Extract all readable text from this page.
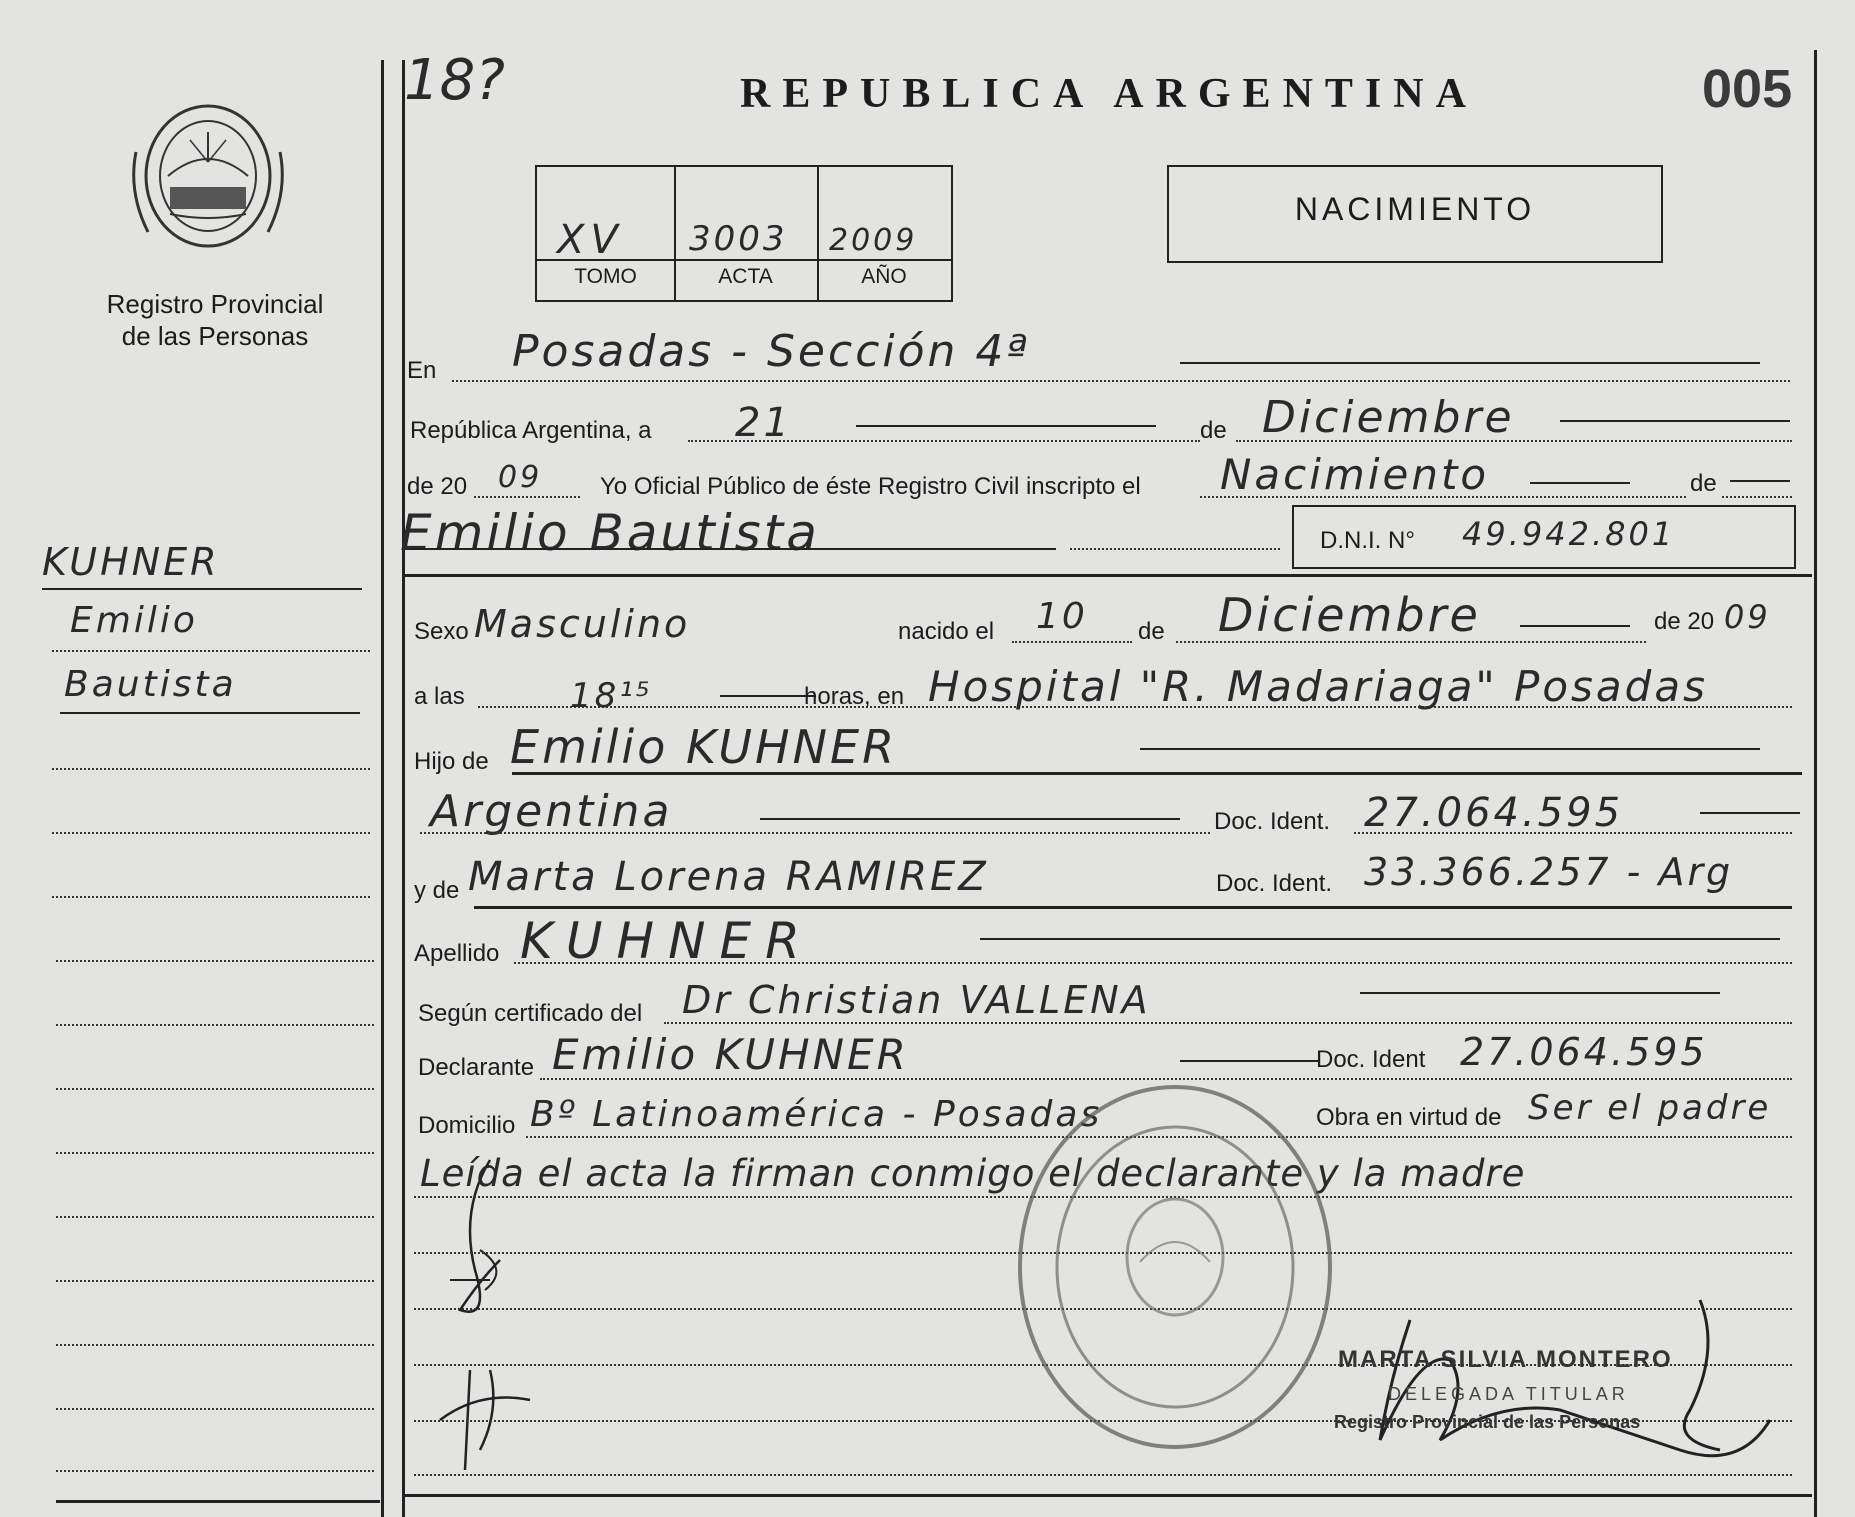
Registro Provincial
de las Personas
KUHNER
Emilio
Bautista
18?	REPUBLICA ARGENTINA	005
XV 3003 2009
TOMO	ACTA	AÑO
NACIMIENTO
En Posadas - Sección 4ª
República Argentina, a 21	de Diciembre
de 20 09 Yo Oficial Público de éste Registro Civil inscripto el Nacimiento	de
Emilio Bautista	D.N.I. N° 49.942.801
Sexo Masculino	nacido el 10 de Diciembre	de 20 09
a las	18¹⁵	horas, en Hospital "R. Madariaga" Posadas
Hijo de Emilio KUHNER
Argentina	Doc. Ident. 27.064.595
y de Marta Lorena RAMIREZ	Doc. Ident. 33.366.257 - Arg
Apellido KUHNER
Según certificado del Dr Christian VALLENA
Declarante Emilio KUHNER	Doc. Ident 27.064.595
Domicilio Bº Latinoamérica - Posadas	Obra en virtud de Ser el padre
Leída el acta la firman conmigo el declarante y la madre
MARTA SILVIA MONTERO
DELEGADA TITULAR
Registro Provincial de las Personas
